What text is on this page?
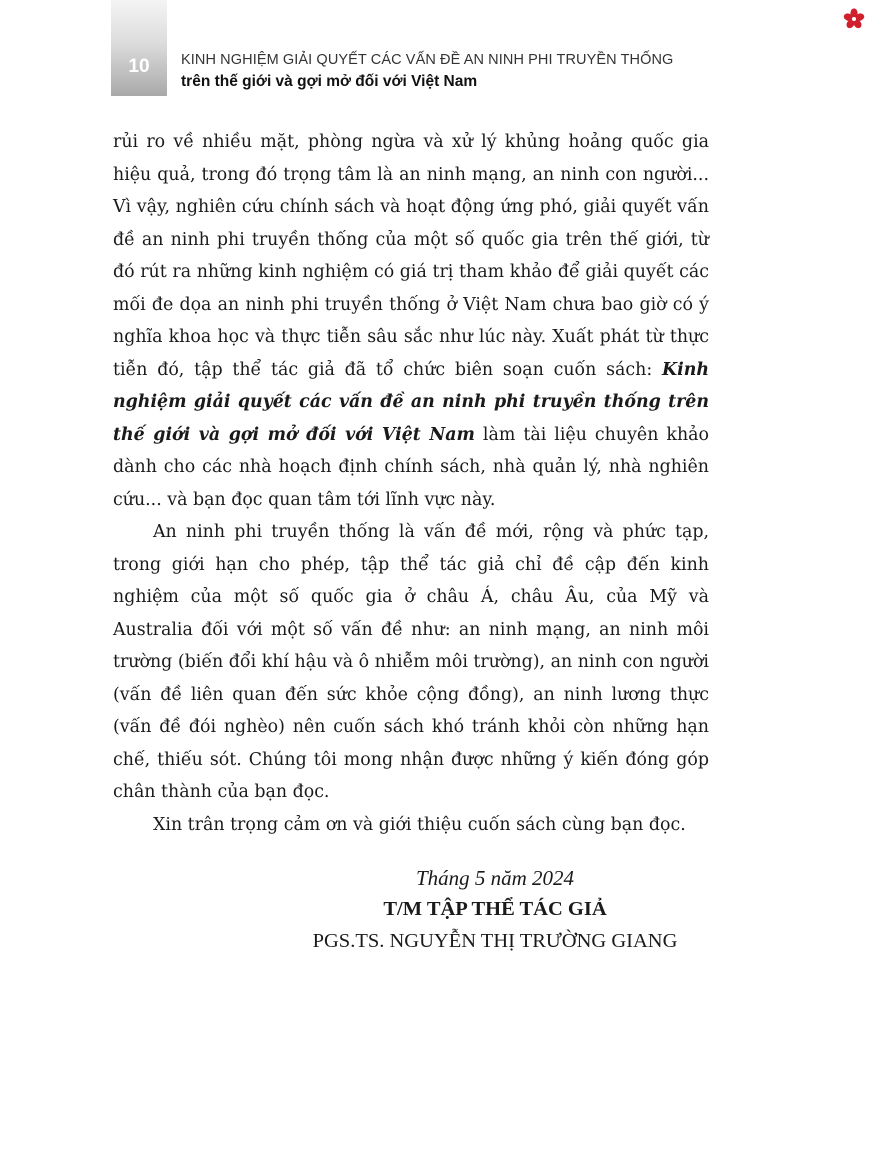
10	KINH NGHIỆM GIẢI QUYẾT CÁC VẤN ĐỀ AN NINH PHI TRUYỀN THỐNG
trên thế giới và gợi mở đối với Việt Nam

rủi ro về nhiều mặt, phòng ngừa và xử lý khủng hoảng quốc gia hiệu quả, trong đó trọng tâm là an ninh mạng, an ninh con người... Vì vậy, nghiên cứu chính sách và hoạt động ứng phó, giải quyết vấn đề an ninh phi truyền thống của một số quốc gia trên thế giới, từ đó rút ra những kinh nghiệm có giá trị tham khảo để giải quyết các mối đe dọa an ninh phi truyền thống ở Việt Nam chưa bao giờ có ý nghĩa khoa học và thực tiễn sâu sắc như lúc này. Xuất phát từ thực tiễn đó, tập thể tác giả đã tổ chức biên soạn cuốn sách: Kinh nghiệm giải quyết các vấn đề an ninh phi truyền thống trên thế giới và gợi mở đối với Việt Nam làm tài liệu chuyên khảo dành cho các nhà hoạch định chính sách, nhà quản lý, nhà nghiên cứu... và bạn đọc quan tâm tới lĩnh vực này.

An ninh phi truyền thống là vấn đề mới, rộng và phức tạp, trong giới hạn cho phép, tập thể tác giả chỉ đề cập đến kinh nghiệm của một số quốc gia ở châu Á, châu Âu, của Mỹ và Australia đối với một số vấn đề như: an ninh mạng, an ninh môi trường (biến đổi khí hậu và ô nhiễm môi trường), an ninh con người (vấn đề liên quan đến sức khỏe cộng đồng), an ninh lương thực (vấn đề đói nghèo) nên cuốn sách khó tránh khỏi còn những hạn chế, thiếu sót. Chúng tôi mong nhận được những ý kiến đóng góp chân thành của bạn đọc.

Xin trân trọng cảm ơn và giới thiệu cuốn sách cùng bạn đọc.

Tháng 5 năm 2024
T/M TẬP THỂ TÁC GIẢ
PGS.TS. NGUYỄN THỊ TRƯỜNG GIANG
